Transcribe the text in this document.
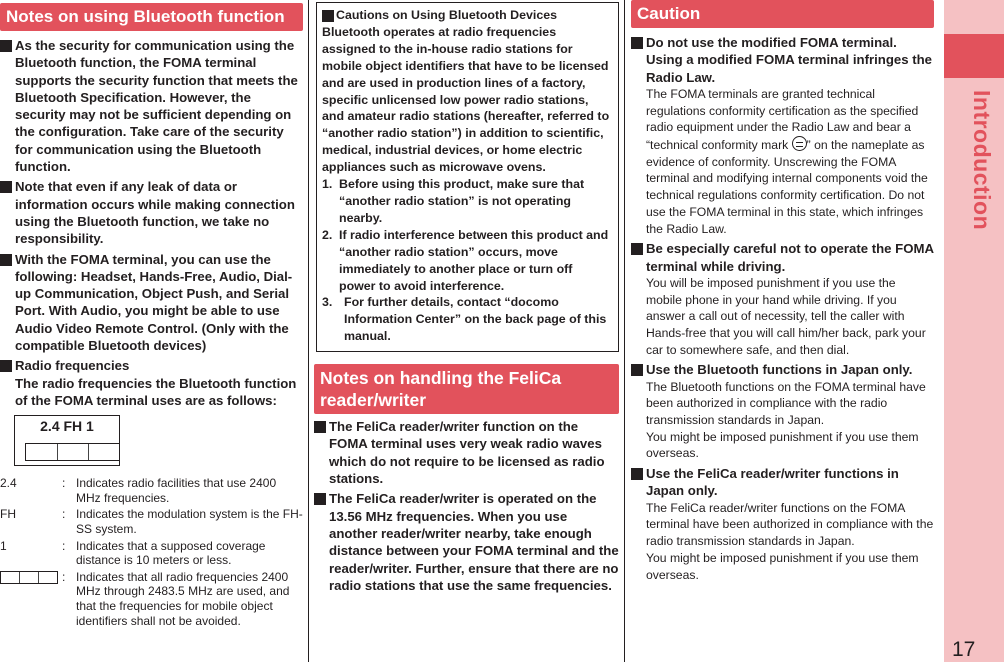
Notes on using Bluetooth function
As the security for communication using the Bluetooth function, the FOMA terminal supports the security function that meets the Bluetooth Specification. However, the security may not be sufficient depending on the configuration. Take care of the security for communication using the Bluetooth function.
Note that even if any leak of data or information occurs while making connection using the Bluetooth function, we take no responsibility.
With the FOMA terminal, you can use the following: Headset, Hands-Free, Audio, Dial-up Communication, Object Push, and Serial Port. With Audio, you might be able to use Audio Video Remote Control. (Only with the compatible Bluetooth devices)
Radio frequencies
The radio frequencies the Bluetooth function of the FOMA terminal uses are as follows:
2.4 FH 1
2.4	: Indicates radio facilities that use 2400 MHz frequencies.
FH	: Indicates the modulation system is the FH-SS system.
1	: Indicates that a supposed coverage distance is 10 meters or less.
: Indicates that all radio frequencies 2400 MHz through 2483.5 MHz are used, and that the frequencies for mobile object identifiers shall not be avoided.
Cautions on Using Bluetooth Devices
Bluetooth operates at radio frequencies assigned to the in-house radio stations for mobile object identifiers that have to be licensed and are used in production lines of a factory, specific unlicensed low power radio stations, and amateur radio stations (hereafter, referred to “another radio station”) in addition to scientific, medical, industrial devices, or home electric appliances such as microwave ovens.
1. Before using this product, make sure that “another radio station” is not operating nearby.
2. If radio interference between this product and “another radio station” occurs, move immediately to another place or turn off power to avoid interference.
3. For further details, contact “docomo Information Center” on the back page of this manual.
Notes on handling the FeliCa reader/writer
The FeliCa reader/writer function on the FOMA terminal uses very weak radio waves which do not require to be licensed as radio stations.
The FeliCa reader/writer is operated on the 13.56 MHz frequencies. When you use another reader/writer nearby, take enough distance between your FOMA terminal and the reader/writer. Further, ensure that there are no radio stations that use the same frequencies.
Caution
Do not use the modified FOMA terminal. Using a modified FOMA terminal infringes the Radio Law.
The FOMA terminals are granted technical regulations conformity certification as the specified radio equipment under the Radio Law and bear a “technical conformity mark ” on the nameplate as evidence of conformity. Unscrewing the FOMA terminal and modifying internal components void the technical regulations conformity certification. Do not use the FOMA terminal in this state, which infringes the Radio Law.
Be especially careful not to operate the FOMA terminal while driving.
You will be imposed punishment if you use the mobile phone in your hand while driving. If you answer a call out of necessity, tell the caller with Hands-free that you will call him/her back, park your car to somewhere safe, and then dial.
Use the Bluetooth functions in Japan only.
The Bluetooth functions on the FOMA terminal have been authorized in compliance with the radio transmission standards in Japan.
You might be imposed punishment if you use them overseas.
Use the FeliCa reader/writer functions in Japan only.
The FeliCa reader/writer functions on the FOMA terminal have been authorized in compliance with the radio transmission standards in Japan.
You might be imposed punishment if you use them overseas.
Introduction
17
